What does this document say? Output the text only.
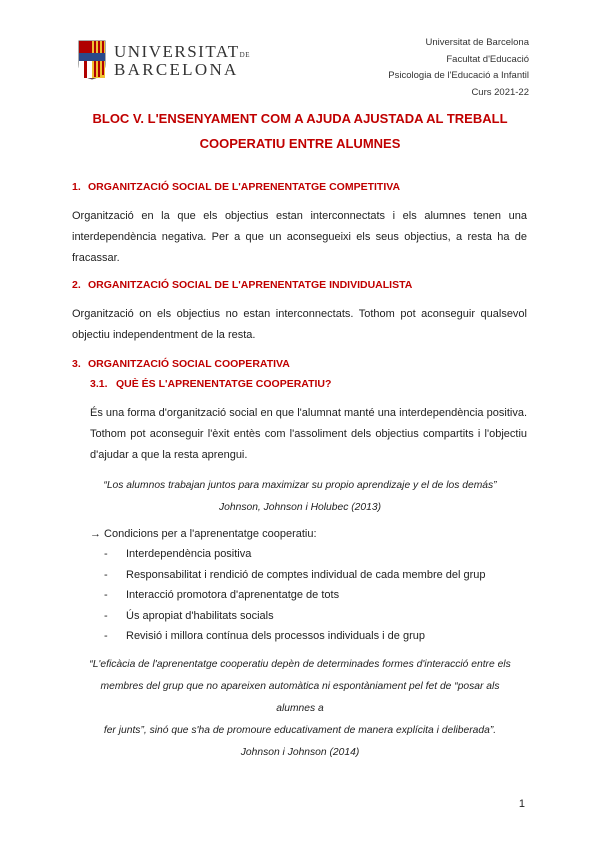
UNIVERSITATDE
BARCELONA
Universitat de Barcelona
Facultat d'Educació
Psicologia de l'Educació a Infantil
Curs 2021-22
BLOC V. L'ENSENYAMENT COM A AJUDA AJUSTADA AL TREBALL
COOPERATIU ENTRE ALUMNES
1. ORGANITZACIÓ SOCIAL DE L'APRENENTATGE COMPETITIVA
Organització en la que els objectius estan interconnectats i els alumnes tenen una interdependència negativa. Per a que un aconsegueixi els seus objectius, a resta ha de fracassar.
2. ORGANITZACIÓ SOCIAL DE L'APRENENTATGE INDIVIDUALISTA
Organització on els objectius no estan interconnectats. Tothom pot aconseguir qualsevol objectiu independentment de la resta.
3. ORGANITZACIÓ SOCIAL COOPERATIVA
3.1. QUÈ ÉS L'APRENENTATGE COOPERATIU?
És una forma d'organització social en que l'alumnat manté una interdependència positiva. Tothom pot aconseguir l'èxit entès com l'assoliment dels objectius compartits i l'objectiu d'ajudar a que la resta aprengui.
“Los alumnos trabajan juntos para maximizar su propio aprendizaje y el de los demás”
Johnson, Johnson i Holubec (2013)
→ Condicions per a l'aprenentatge cooperatiu:
- Interdependència positiva
- Responsabilitat i rendició de comptes individual de cada membre del grup
- Interacció promotora d'aprenentatge de tots
- Ús apropiat d'habilitats socials
- Revisió i millora contínua dels processos individuals i de grup
“L'eficàcia de l'aprenentatge cooperatiu depèn de determinades formes d'interacció entre els
membres del grup que no apareixen automàtica ni espontàniament pel fet de “posar als alumnes a
fer junts”, sinó que s'ha de promoure educativament de manera explícita i deliberada”.
Johnson i Johnson (2014)
1
